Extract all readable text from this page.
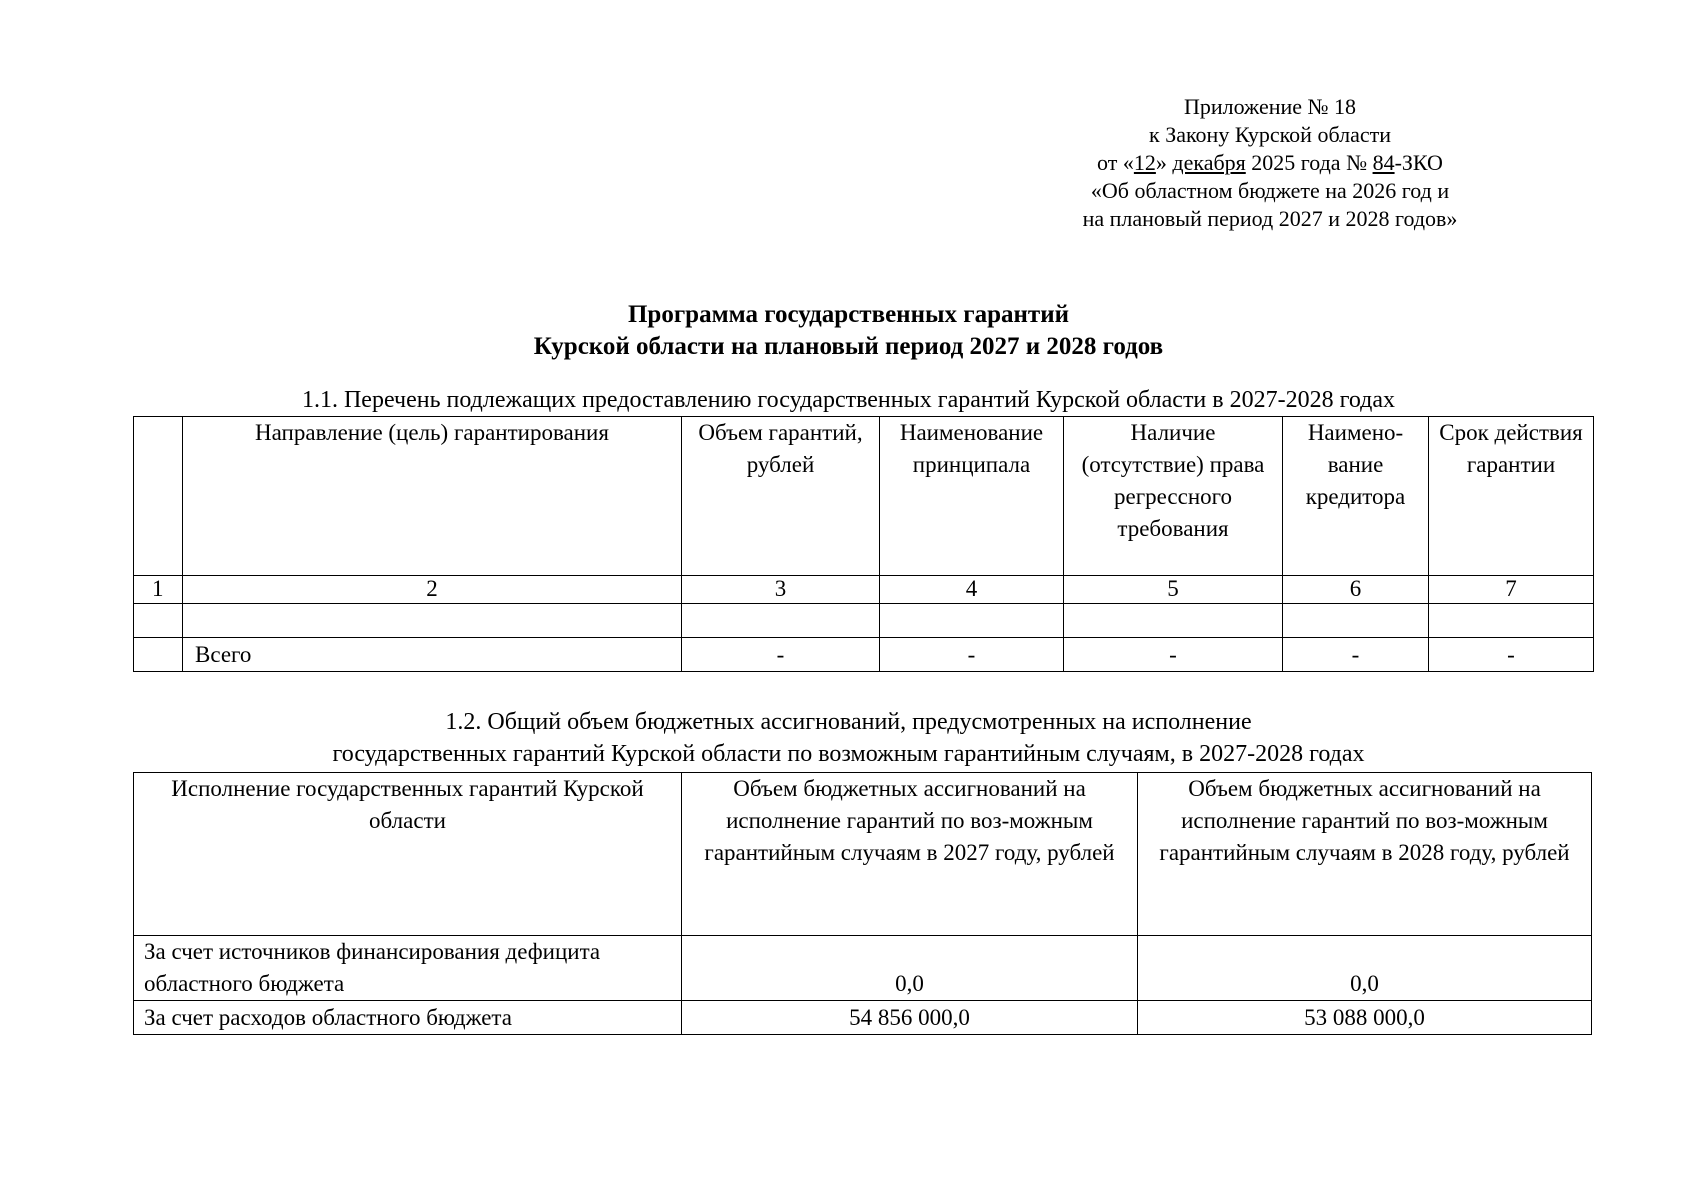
Приложение № 18
к Закону Курской области
от «12» декабря 2025 года № 84-ЗКО
«Об областном бюджете на 2026 год и
на плановый период 2027 и 2028 годов»
Программа государственных гарантий
Курской области на плановый период 2027 и 2028 годов
1.1. Перечень подлежащих предоставлению государственных гарантий Курской области в 2027-2028 годах
	Направление (цель) гарантирования	Объем гарантий, рублей	Наименование принципала	Наличие (отсутствие) права регрессного требования	Наимено-вание кредитора	Срок действия гарантии
1	2	3	4	5	6	7

	Всего	-	-	-	-	-
1.2. Общий объем бюджетных ассигнований, предусмотренных на исполнение
государственных гарантий Курской области по возможным гарантийным случаям, в 2027-2028 годах
Исполнение государственных гарантий Курской области	Объем бюджетных ассигнований на исполнение гарантий по воз-можным гарантийным случаям в 2027 году, рублей	Объем бюджетных ассигнований на исполнение гарантий по воз-можным гарантийным случаям в 2028 году, рублей
За счет источников финансирования дефицита областного бюджета	0,0	0,0
За счет расходов областного бюджета	54 856 000,0	53 088 000,0
